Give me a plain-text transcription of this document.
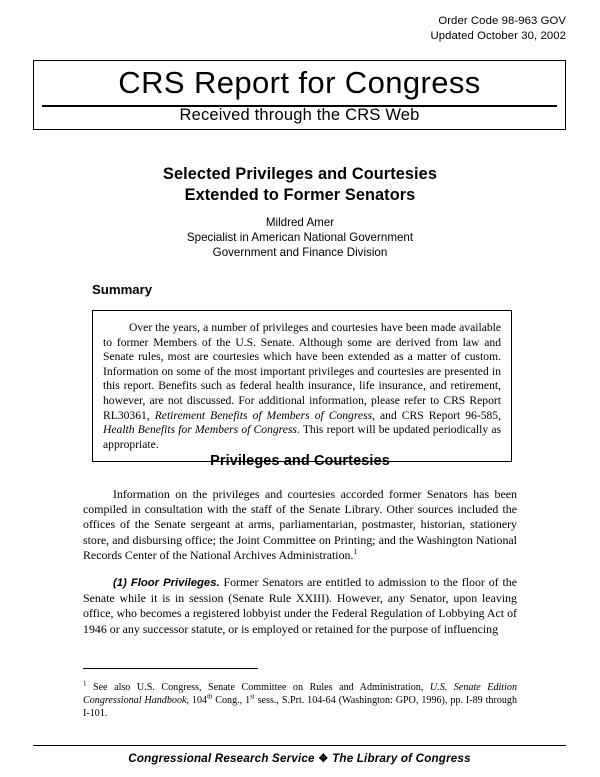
Order Code 98-963 GOV
Updated October 30, 2002
CRS Report for Congress
Received through the CRS Web
Selected Privileges and Courtesies
Extended to Former Senators
Mildred Amer
Specialist in American National Government
Government and Finance Division
Summary

Over the years, a number of privileges and courtesies have been made available to former Members of the U.S. Senate. Although some are derived from law and Senate rules, most are courtesies which have been extended as a matter of custom. Information on some of the most important privileges and courtesies are presented in this report. Benefits such as federal health insurance, life insurance, and retirement, however, are not discussed. For additional information, please refer to CRS Report RL30361, Retirement Benefits of Members of Congress, and CRS Report 96-585, Health Benefits for Members of Congress. This report will be updated periodically as appropriate.

Privileges and Courtesies

Information on the privileges and courtesies accorded former Senators has been compiled in consultation with the staff of the Senate Library. Other sources included the offices of the Senate sergeant at arms, parliamentarian, postmaster, historian, stationery store, and disbursing office; the Joint Committee on Printing; and the Washington National Records Center of the National Archives Administration.$^1$

(1) Floor Privileges. Former Senators are entitled to admission to the floor of the Senate while it is in session (Senate Rule XXIII). However, any Senator, upon leaving office, who becomes a registered lobbyist under the Federal Regulation of Lobbying Act of 1946 or any successor statute, or is employed or retained for the purpose of influencing

$^1$ See also U.S. Congress, Senate Committee on Rules and Administration, U.S. Senate Edition Congressional Handbook, 104th Cong., 1st sess., S.Prt. 104-64 (Washington: GPO, 1996), pp. I-89 through I-101.
Congressional Research Service ❖ The Library of Congress
